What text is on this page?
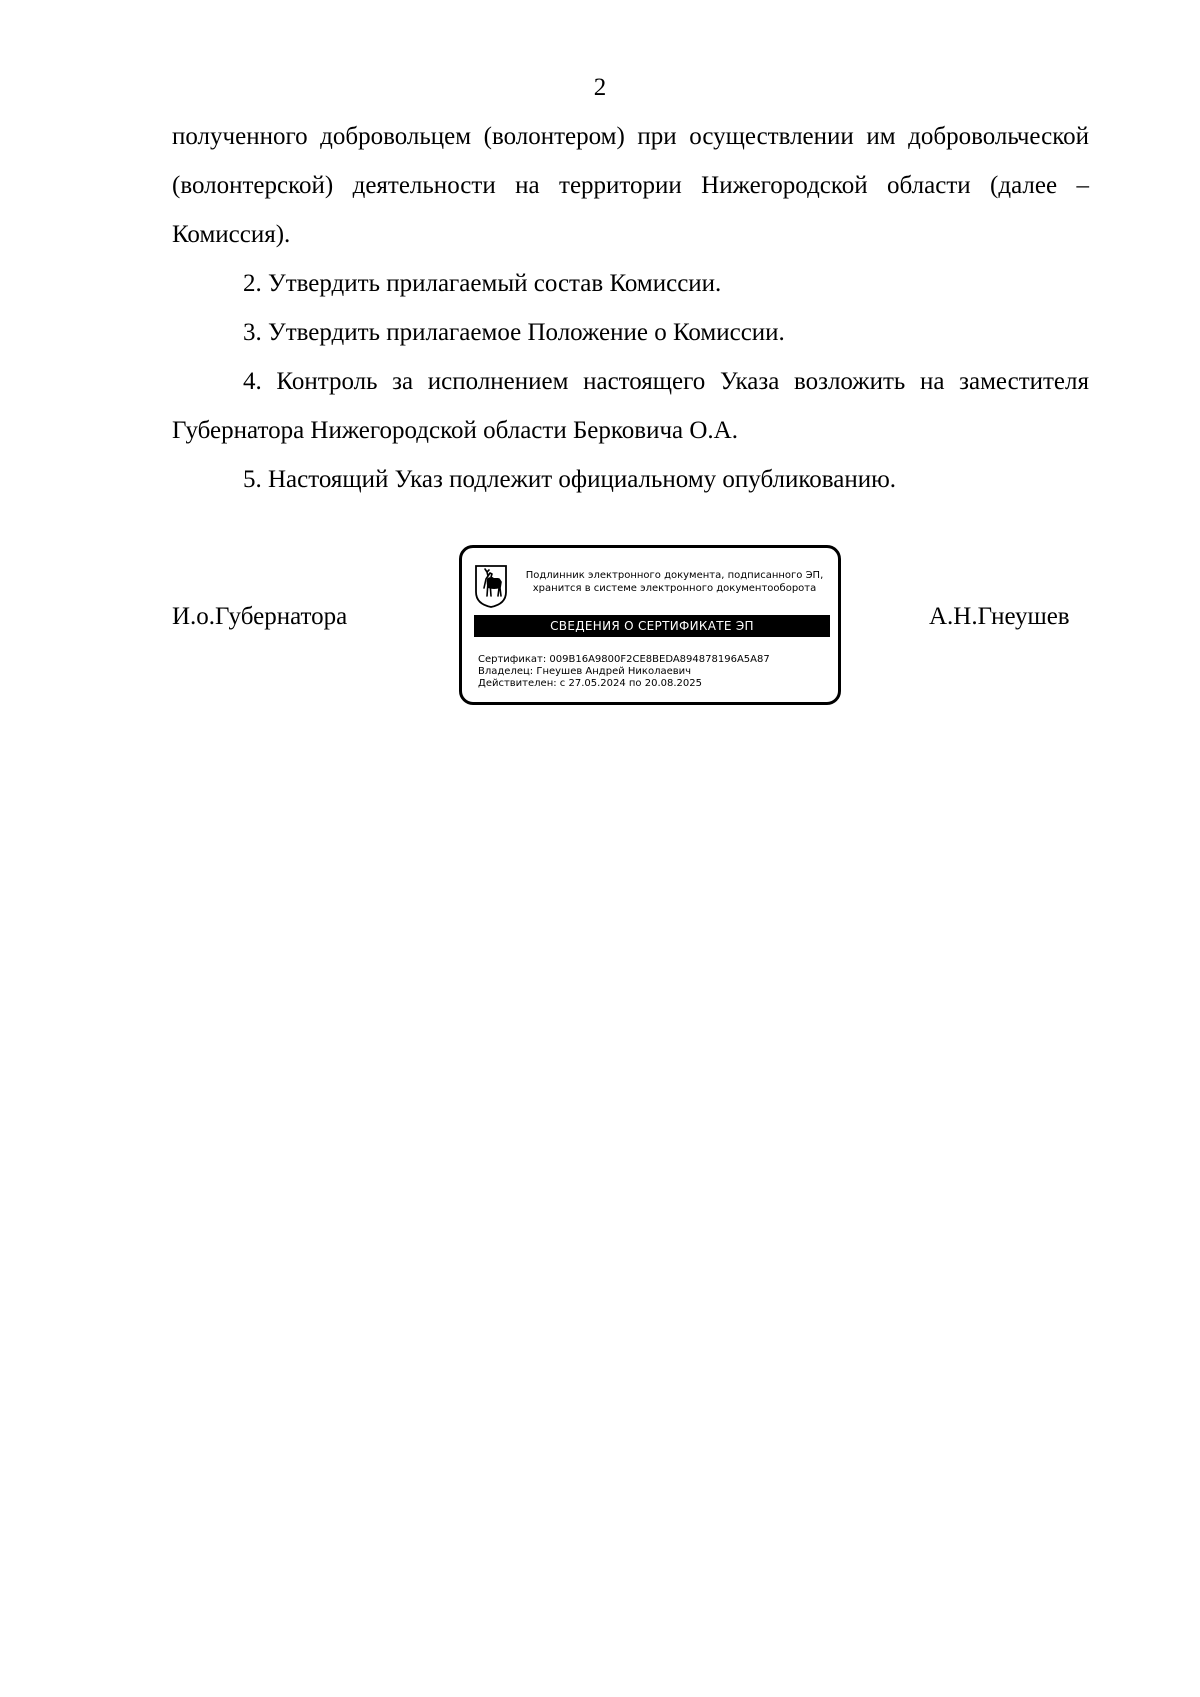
2

полученного добровольцем (волонтером) при осуществлении им добровольческой (волонтерской) деятельности на территории Нижегородской области (далее – Комиссия).

2. Утвердить прилагаемый состав Комиссии.

3. Утвердить прилагаемое Положение о Комиссии.

4. Контроль за исполнением настоящего Указа возложить на заместителя Губернатора Нижегородской области Берковича О.А.

5. Настоящий Указ подлежит официальному опубликованию.

И.о.Губернатора	А.Н.Гнеушев
Подлинник электронного документа, подписанного ЭП,
хранится в системе электронного документооборота
СВЕДЕНИЯ О СЕРТИФИКАТЕ ЭП
Сертификат: 009B16A9800F2CE8BEDA894878196A5A87
Владелец: Гнеушев Андрей Николаевич
Действителен: с 27.05.2024 по 20.08.2025
